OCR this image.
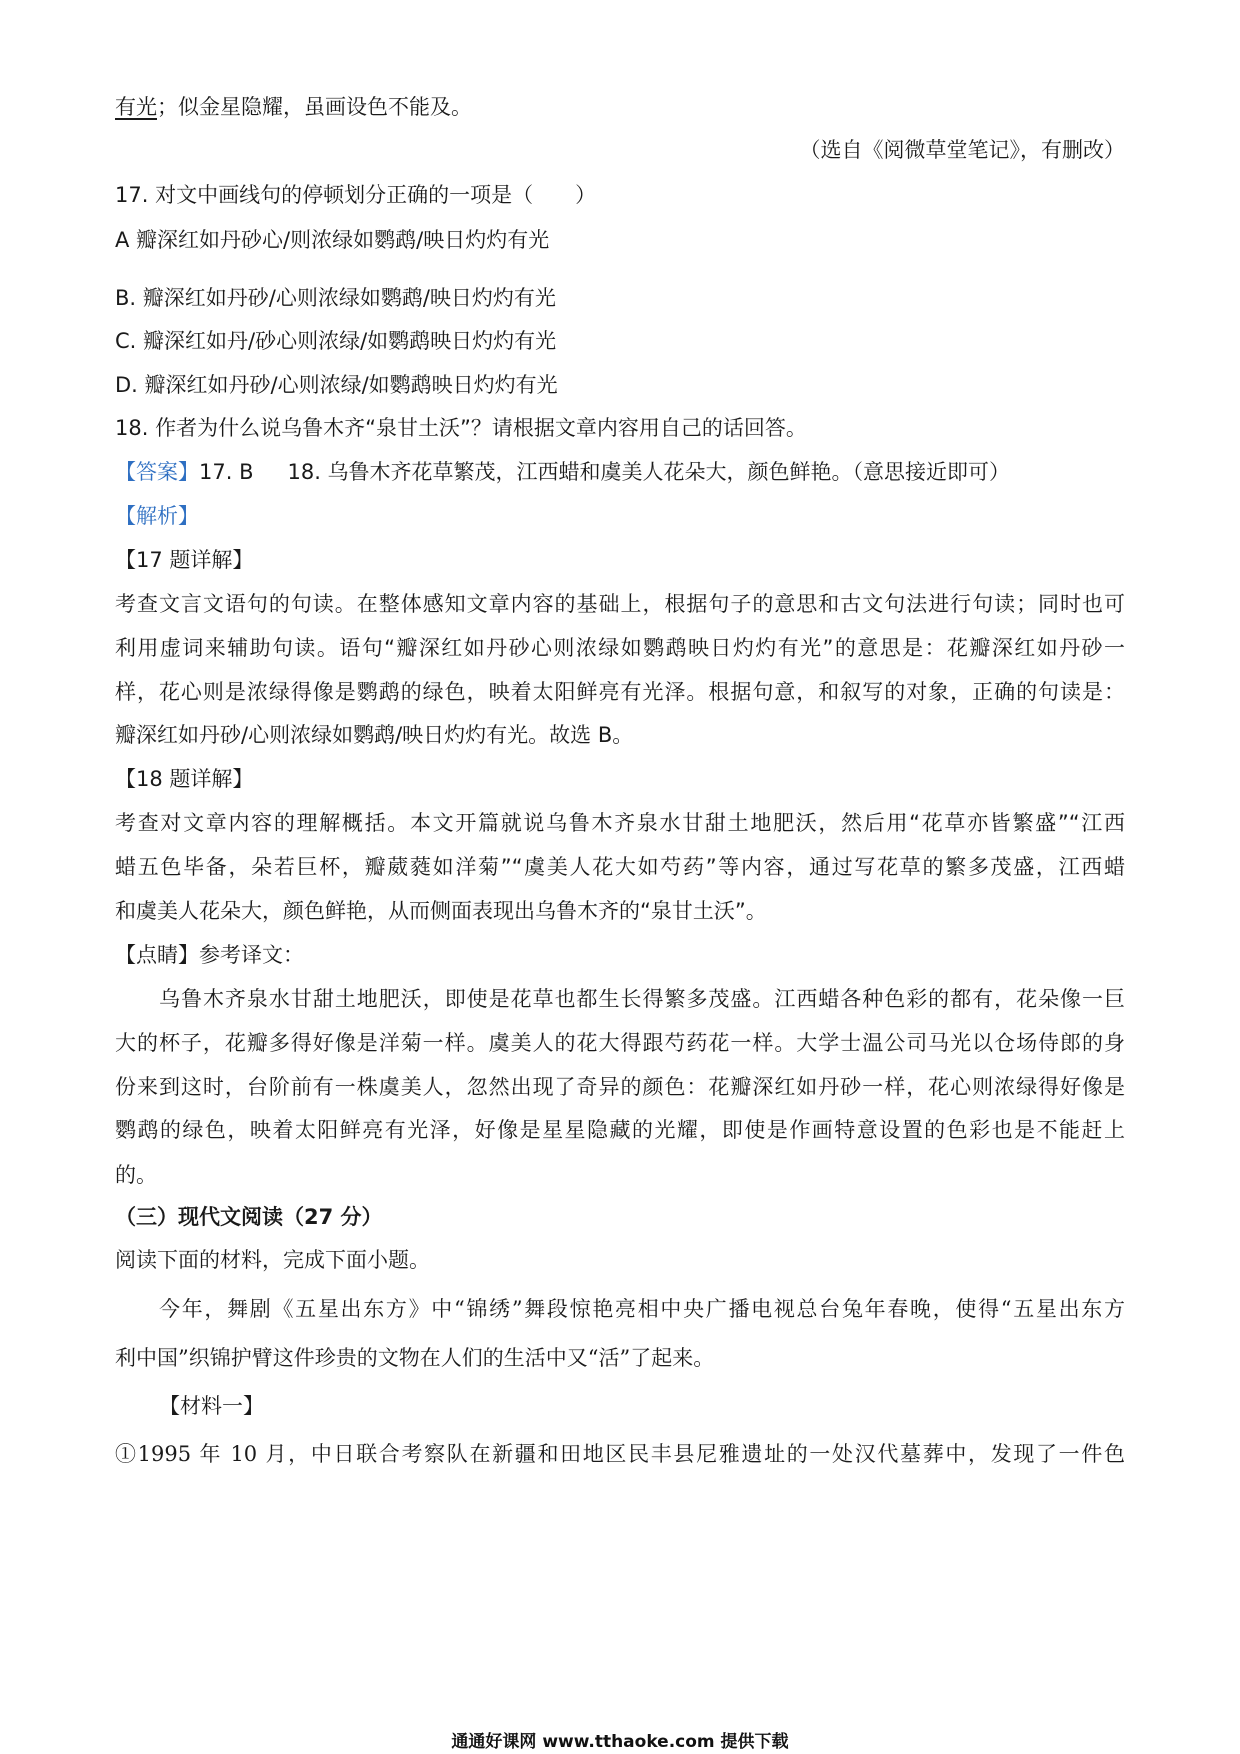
有光；似金星隐耀，虽画设色不能及。
（选自《阅微草堂笔记》，有删改）
17. 对文中画线句的停顿划分正确的一项是（　　）
A 瓣深红如丹砂心/则浓绿如鹦鹉/映日灼灼有光
B. 瓣深红如丹砂/心则浓绿如鹦鹉/映日灼灼有光
C. 瓣深红如丹/砂心则浓绿/如鹦鹉映日灼灼有光
D. 瓣深红如丹砂/心则浓绿/如鹦鹉映日灼灼有光
18. 作者为什么说乌鲁木齐“泉甘土沃”？请根据文章内容用自己的话回答。
【答案】17. B 18. 乌鲁木齐花草繁茂，江西蜡和虞美人花朵大，颜色鲜艳。（意思接近即可）
【解析】
【17 题详解】
考查文言文语句的句读。在整体感知文章内容的基础上，根据句子的意思和古文句法进行句读；同时也可
利用虚词来辅助句读。语句“瓣深红如丹砂心则浓绿如鹦鹉映日灼灼有光”的意思是：花瓣深红如丹砂一
样，花心则是浓绿得像是鹦鹉的绿色，映着太阳鲜亮有光泽。根据句意，和叙写的对象，正确的句读是：
瓣深红如丹砂/心则浓绿如鹦鹉/映日灼灼有光。故选 B。
【18 题详解】
考查对文章内容的理解概括。本文开篇就说乌鲁木齐泉水甘甜土地肥沃，然后用“花草亦皆繁盛”“江西
蜡五色毕备，朵若巨杯，瓣葳蕤如洋菊”“虞美人花大如芍药”等内容，通过写花草的繁多茂盛，江西蜡
和虞美人花朵大，颜色鲜艳，从而侧面表现出乌鲁木齐的“泉甘土沃”。
【点睛】参考译文：
乌鲁木齐泉水甘甜土地肥沃，即使是花草也都生长得繁多茂盛。江西蜡各种色彩的都有，花朵像一巨
大的杯子，花瓣多得好像是洋菊一样。虞美人的花大得跟芍药花一样。大学士温公司马光以仓场侍郎的身
份来到这时，台阶前有一株虞美人，忽然出现了奇异的颜色：花瓣深红如丹砂一样，花心则浓绿得好像是
鹦鹉的绿色，映着太阳鲜亮有光泽，好像是星星隐藏的光耀，即使是作画特意设置的色彩也是不能赶上
的。
（三）现代文阅读（27 分）
阅读下面的材料，完成下面小题。
今年，舞剧《五星出东方》中“锦绣”舞段惊艳亮相中央广播电视总台兔年春晚，使得“五星出东方
利中国”织锦护臂这件珍贵的文物在人们的生活中又“活”了起来。
【材料一】
①1995 年 10 月，中日联合考察队在新疆和田地区民丰县尼雅遗址的一处汉代墓葬中，发现了一件色
通通好课网 www.tthaoke.com 提供下载
